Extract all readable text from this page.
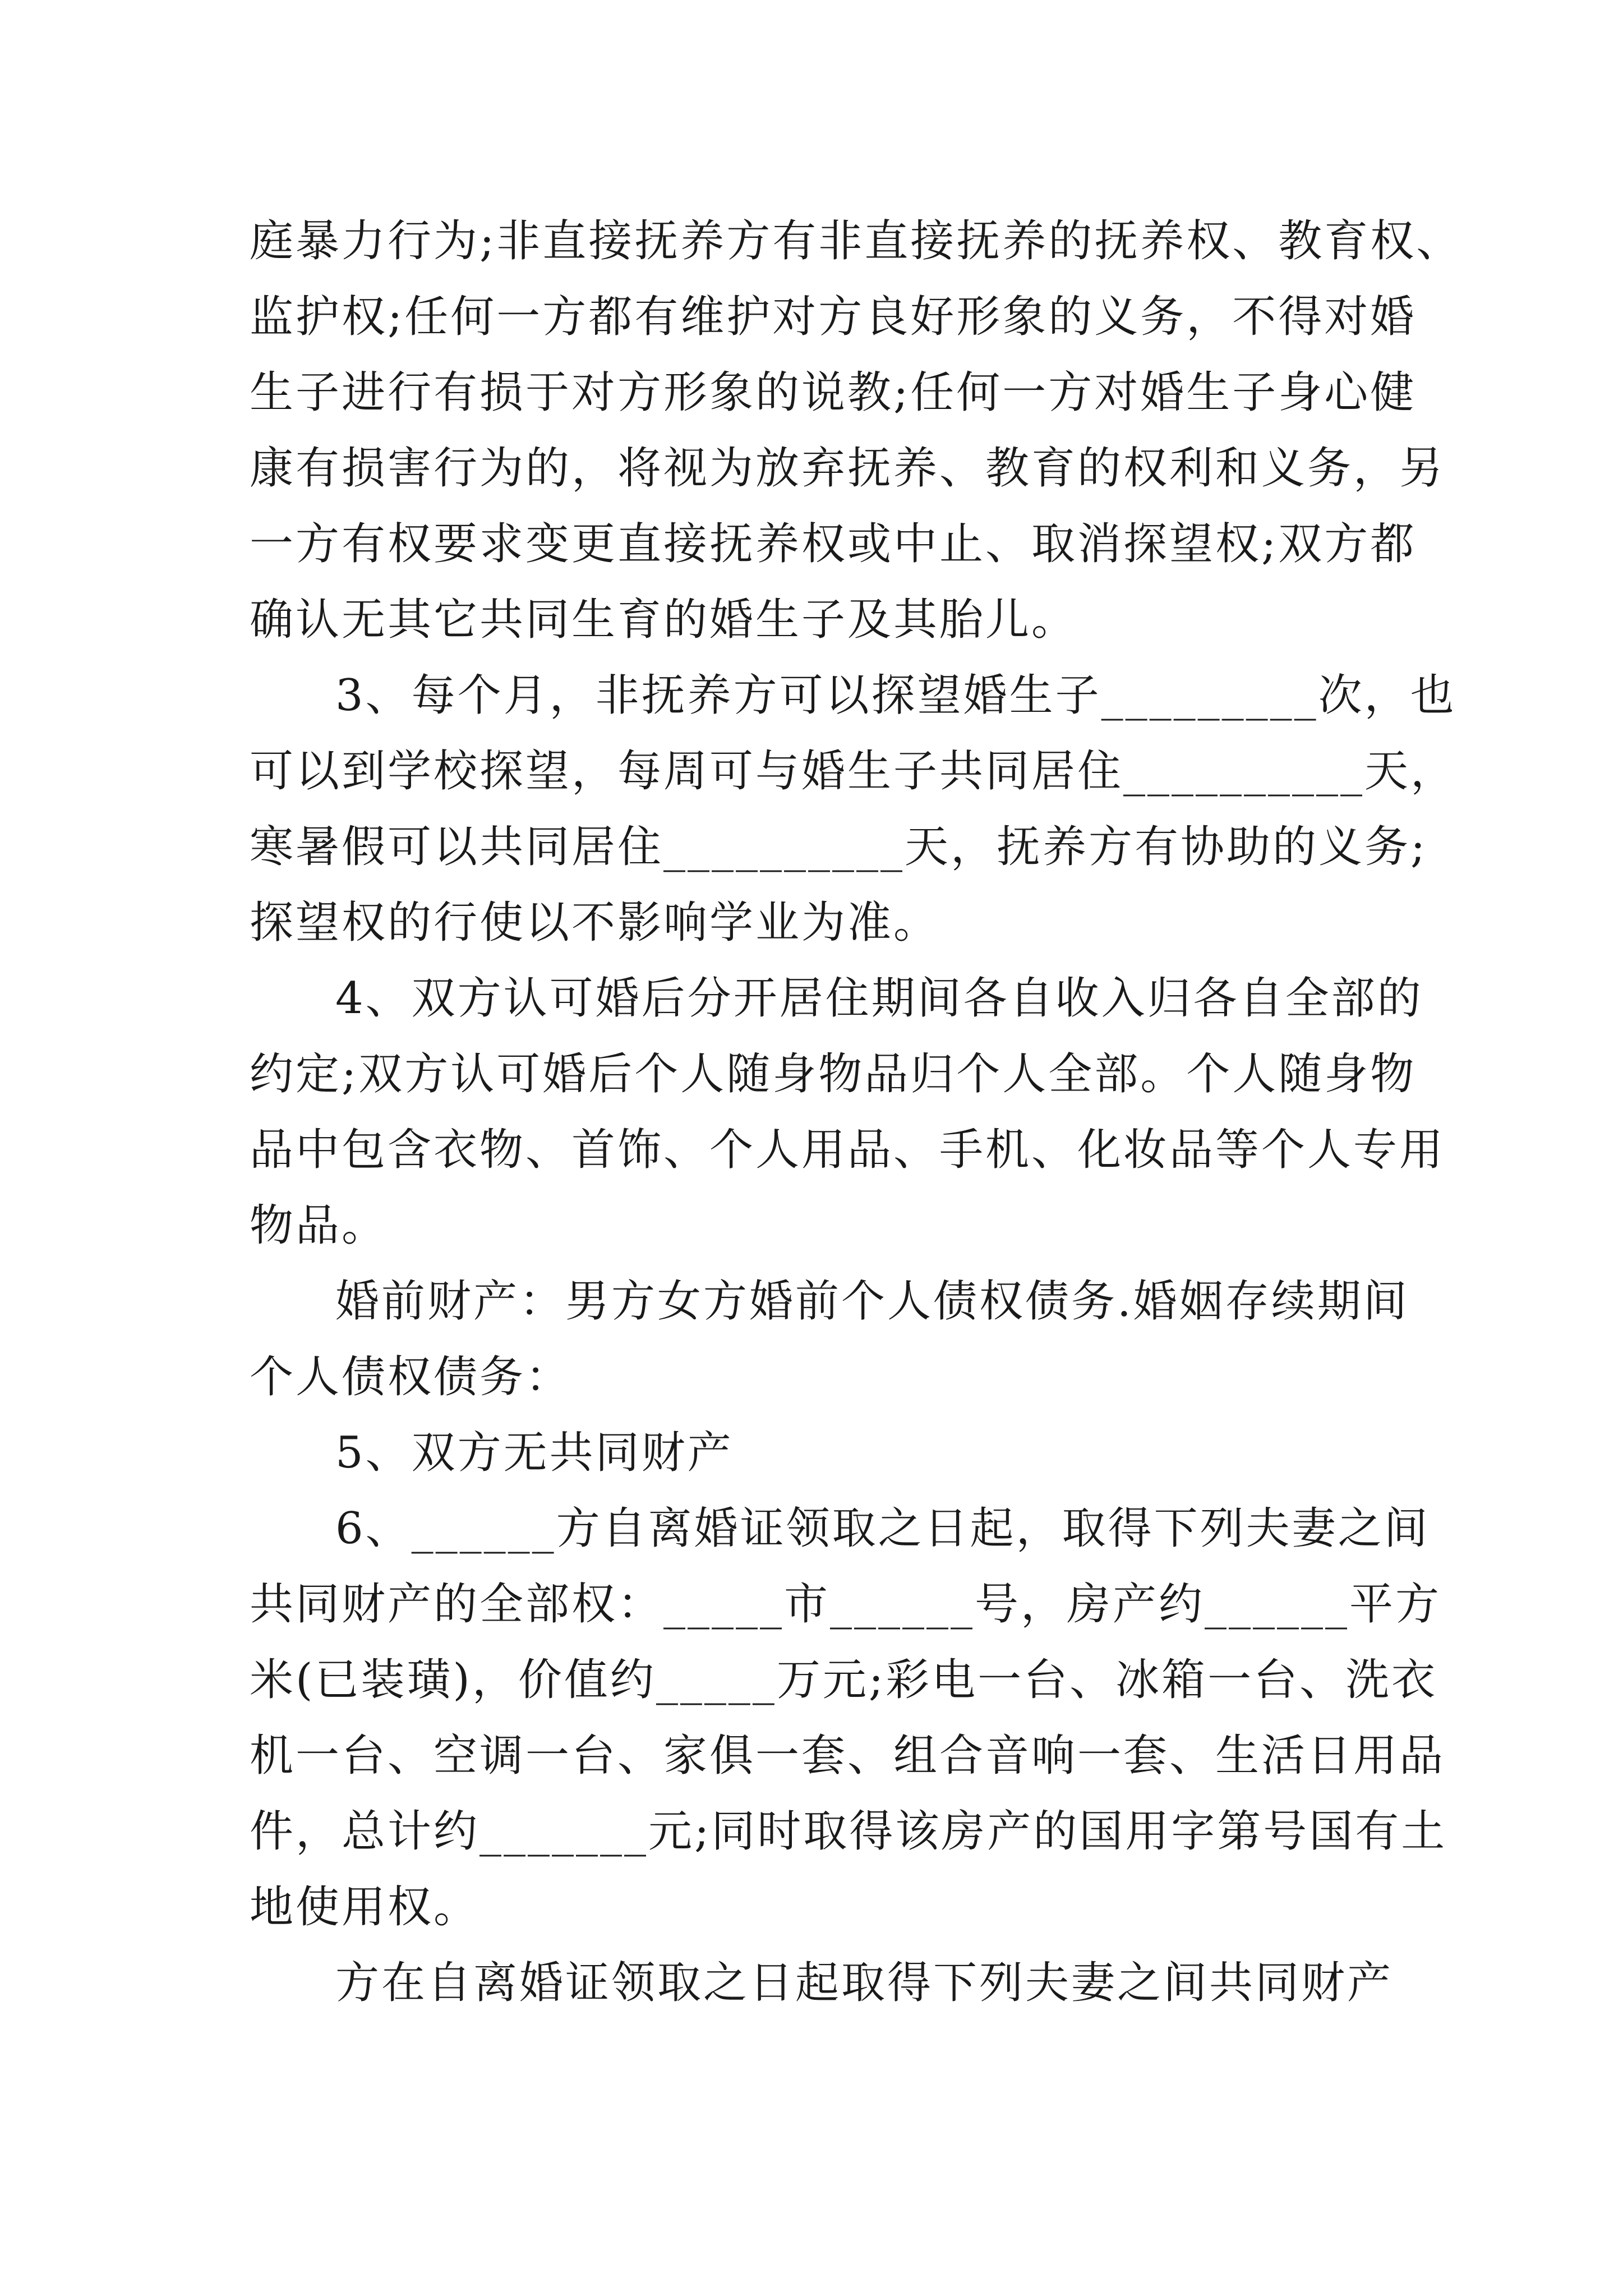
庭暴力行为;非直接抚养方有非直接抚养的抚养权、教育权、
监护权;任何一方都有维护对方良好形象的义务，不得对婚
生子进行有损于对方形象的说教;任何一方对婚生子身心健
康有损害行为的，将视为放弃抚养、教育的权利和义务，另
一方有权要求变更直接抚养权或中止、取消探望权;双方都
确认无其它共同生育的婚生子及其胎儿。
3、每个月，非抚养方可以探望婚生子_________次，也
可以到学校探望，每周可与婚生子共同居住__________天，
寒暑假可以共同居住__________天，抚养方有协助的义务;
探望权的行使以不影响学业为准。
4、双方认可婚后分开居住期间各自收入归各自全部的
约定;双方认可婚后个人随身物品归个人全部。个人随身物
品中包含衣物、首饰、个人用品、手机、化妆品等个人专用
物品。
婚前财产：男方女方婚前个人债权债务.婚姻存续期间
个人债权债务：
5、双方无共同财产
6、______方自离婚证领取之日起，取得下列夫妻之间
共同财产的全部权：_____市______号，房产约______平方
米(已装璜)，价值约_____万元;彩电一台、冰箱一台、洗衣
机一台、空调一台、家俱一套、组合音响一套、生活日用品
件，总计约_______元;同时取得该房产的国用字第号国有土
地使用权。
方在自离婚证领取之日起取得下列夫妻之间共同财产
